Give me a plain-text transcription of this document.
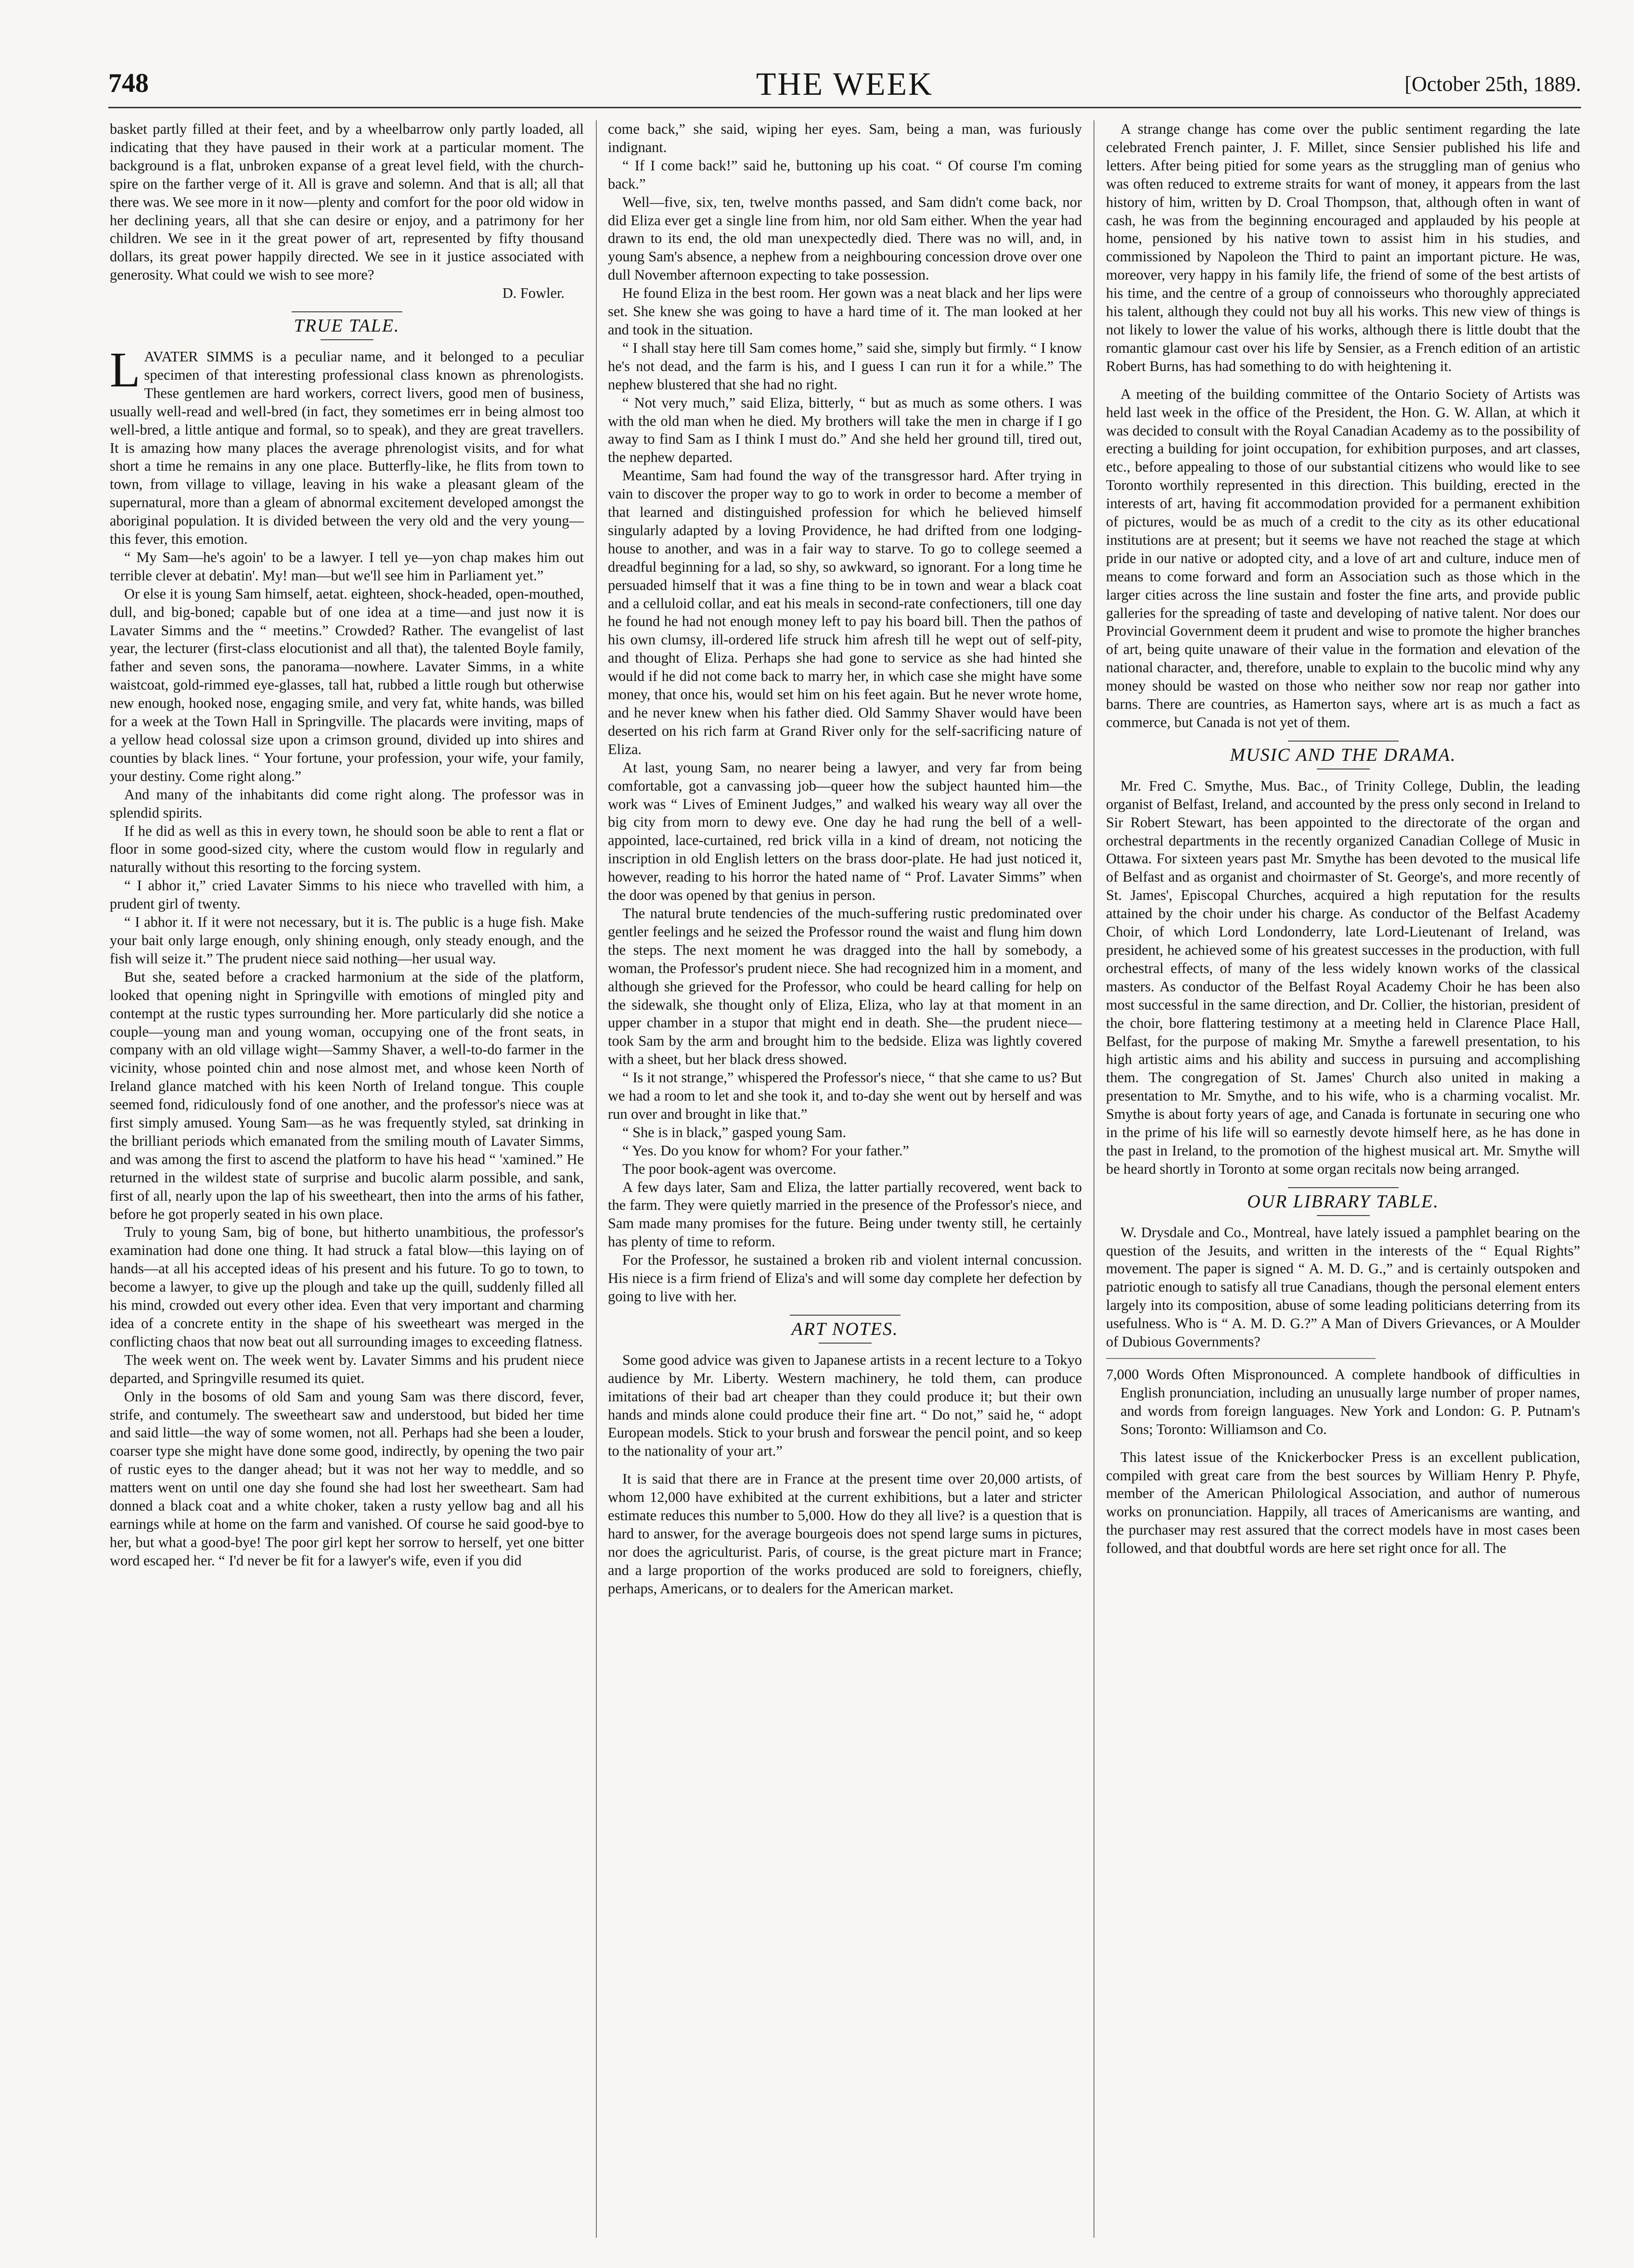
748	THE WEEK	[October 25th, 1889.

basket partly filled at their feet, and by a wheelbarrow only partly loaded, all indicating that they have paused in their work at a particular moment. The background is a flat, unbroken expanse of a great level field, with the church-spire on the farther verge of it. All is grave and solemn. And that is all; all that there was. We see more in it now—plenty and comfort for the poor old widow in her declining years, all that she can desire or enjoy, and a patrimony for her children. We see in it the great power of art, represented by fifty thousand dollars, its great power happily directed. We see in it justice associated with generosity. What could we wish to see more?

D. Fowler.

TRUE TALE.

LAVATER SIMMS is a peculiar name, and it belonged to a peculiar specimen of that interesting professional class known as phrenologists. These gentlemen are hard workers, correct livers, good men of business, usually well-read and well-bred (in fact, they sometimes err in being almost too well-bred, a little antique and formal, so to speak), and they are great travellers. It is amazing how many places the average phrenologist visits, and for what short a time he remains in any one place. Butterfly-like, he flits from town to town, from village to village, leaving in his wake a pleasant gleam of the supernatural, more than a gleam of abnormal excitement developed amongst the aboriginal population. It is divided between the very old and the very young—this fever, this emotion.

“ My Sam—he's agoin' to be a lawyer. I tell ye—yon chap makes him out terrible clever at debatin'. My! man—but we'll see him in Parliament yet.”

Or else it is young Sam himself, aetat. eighteen, shock-headed, open-mouthed, dull, and big-boned; capable but of one idea at a time—and just now it is Lavater Simms and the “ meetins.” Crowded? Rather. The evangelist of last year, the lecturer (first-class elocutionist and all that), the talented Boyle family, father and seven sons, the panorama—nowhere. Lavater Simms, in a white waistcoat, gold-rimmed eye-glasses, tall hat, rubbed a little rough but otherwise new enough, hooked nose, engaging smile, and very fat, white hands, was billed for a week at the Town Hall in Springville. The placards were inviting, maps of a yellow head colossal size upon a crimson ground, divided up into shires and counties by black lines. “ Your fortune, your profession, your wife, your family, your destiny. Come right along.”

And many of the inhabitants did come right along. The professor was in splendid spirits.

If he did as well as this in every town, he should soon be able to rent a flat or floor in some good-sized city, where the custom would flow in regularly and naturally without this resorting to the forcing system.

“ I abhor it,” cried Lavater Simms to his niece who travelled with him, a prudent girl of twenty.

“ I abhor it. If it were not necessary, but it is. The public is a huge fish. Make your bait only large enough, only shining enough, only steady enough, and the fish will seize it.” The prudent niece said nothing—her usual way.

But she, seated before a cracked harmonium at the side of the platform, looked that opening night in Springville with emotions of mingled pity and contempt at the rustic types surrounding her. More particularly did she notice a couple—young man and young woman, occupying one of the front seats, in company with an old village wight—Sammy Shaver, a well-to-do farmer in the vicinity, whose pointed chin and nose almost met, and whose keen North of Ireland glance matched with his keen North of Ireland tongue. This couple seemed fond, ridiculously fond of one another, and the professor's niece was at first simply amused. Young Sam—as he was frequently styled, sat drinking in the brilliant periods which emanated from the smiling mouth of Lavater Simms, and was among the first to ascend the platform to have his head “ 'xamined.” He returned in the wildest state of surprise and bucolic alarm possible, and sank, first of all, nearly upon the lap of his sweetheart, then into the arms of his father, before he got properly seated in his own place.

Truly to young Sam, big of bone, but hitherto unambitious, the professor's examination had done one thing. It had struck a fatal blow—this laying on of hands—at all his accepted ideas of his present and his future. To go to town, to become a lawyer, to give up the plough and take up the quill, suddenly filled all his mind, crowded out every other idea. Even that very important and charming idea of a concrete entity in the shape of his sweetheart was merged in the conflicting chaos that now beat out all surrounding images to exceeding flatness.

The week went on. The week went by. Lavater Simms and his prudent niece departed, and Springville resumed its quiet.

Only in the bosoms of old Sam and young Sam was there discord, fever, strife, and contumely. The sweetheart saw and understood, but bided her time and said little—the way of some women, not all. Perhaps had she been a louder, coarser type she might have done some good, indirectly, by opening the two pair of rustic eyes to the danger ahead; but it was not her way to meddle, and so matters went on until one day she found she had lost her sweetheart. Sam had donned a black coat and a white choker, taken a rusty yellow bag and all his earnings while at home on the farm and vanished. Of course he said good-bye to her, but what a good-bye! The poor girl kept her sorrow to herself, yet one bitter word escaped her. “ I'd never be fit for a lawyer's wife, even if you did

come back,” she said, wiping her eyes. Sam, being a man, was furiously indignant.

“ If I come back!” said he, buttoning up his coat. “ Of course I'm coming back.”

Well—five, six, ten, twelve months passed, and Sam didn't come back, nor did Eliza ever get a single line from him, nor old Sam either. When the year had drawn to its end, the old man unexpectedly died. There was no will, and, in young Sam's absence, a nephew from a neighbouring concession drove over one dull November afternoon expecting to take possession.

He found Eliza in the best room. Her gown was a neat black and her lips were set. She knew she was going to have a hard time of it. The man looked at her and took in the situation.

“ I shall stay here till Sam comes home,” said she, simply but firmly. “ I know he's not dead, and the farm is his, and I guess I can run it for a while.” The nephew blustered that she had no right.

“ Not very much,” said Eliza, bitterly, “ but as much as some others. I was with the old man when he died. My brothers will take the men in charge if I go away to find Sam as I think I must do.” And she held her ground till, tired out, the nephew departed.

Meantime, Sam had found the way of the transgressor hard. After trying in vain to discover the proper way to go to work in order to become a member of that learned and distinguished profession for which he believed himself singularly adapted by a loving Providence, he had drifted from one lodging-house to another, and was in a fair way to starve. To go to college seemed a dreadful beginning for a lad, so shy, so awkward, so ignorant. For a long time he persuaded himself that it was a fine thing to be in town and wear a black coat and a celluloid collar, and eat his meals in second-rate confectioners, till one day he found he had not enough money left to pay his board bill. Then the pathos of his own clumsy, ill-ordered life struck him afresh till he wept out of self-pity, and thought of Eliza. Perhaps she had gone to service as she had hinted she would if he did not come back to marry her, in which case she might have some money, that once his, would set him on his feet again. But he never wrote home, and he never knew when his father died. Old Sammy Shaver would have been deserted on his rich farm at Grand River only for the self-sacrificing nature of Eliza.

At last, young Sam, no nearer being a lawyer, and very far from being comfortable, got a canvassing job—queer how the subject haunted him—the work was “ Lives of Eminent Judges,” and walked his weary way all over the big city from morn to dewy eve. One day he had rung the bell of a well-appointed, lace-curtained, red brick villa in a kind of dream, not noticing the inscription in old English letters on the brass door-plate. He had just noticed it, however, reading to his horror the hated name of “ Prof. Lavater Simms” when the door was opened by that genius in person.

The natural brute tendencies of the much-suffering rustic predominated over gentler feelings and he seized the Professor round the waist and flung him down the steps. The next moment he was dragged into the hall by somebody, a woman, the Professor's prudent niece. She had recognized him in a moment, and although she grieved for the Professor, who could be heard calling for help on the sidewalk, she thought only of Eliza, Eliza, who lay at that moment in an upper chamber in a stupor that might end in death. She—the prudent niece—took Sam by the arm and brought him to the bedside. Eliza was lightly covered with a sheet, but her black dress showed.

“ Is it not strange,” whispered the Professor's niece, “ that she came to us? But we had a room to let and she took it, and to-day she went out by herself and was run over and brought in like that.”

“ She is in black,” gasped young Sam.

“ Yes. Do you know for whom? For your father.”

The poor book-agent was overcome.

A few days later, Sam and Eliza, the latter partially recovered, went back to the farm. They were quietly married in the presence of the Professor's niece, and Sam made many promises for the future. Being under twenty still, he certainly has plenty of time to reform.

For the Professor, he sustained a broken rib and violent internal concussion. His niece is a firm friend of Eliza's and will some day complete her defection by going to live with her.

ART NOTES.

Some good advice was given to Japanese artists in a recent lecture to a Tokyo audience by Mr. Liberty. Western machinery, he told them, can produce imitations of their bad art cheaper than they could produce it; but their own hands and minds alone could produce their fine art. “ Do not,” said he, “ adopt European models. Stick to your brush and forswear the pencil point, and so keep to the nationality of your art.”

It is said that there are in France at the present time over 20,000 artists, of whom 12,000 have exhibited at the current exhibitions, but a later and stricter estimate reduces this number to 5,000. How do they all live? is a question that is hard to answer, for the average bourgeois does not spend large sums in pictures, nor does the agriculturist. Paris, of course, is the great picture mart in France; and a large proportion of the works produced are sold to foreigners, chiefly, perhaps, Americans, or to dealers for the American market.

A strange change has come over the public sentiment regarding the late celebrated French painter, J. F. Millet, since Sensier published his life and letters. After being pitied for some years as the struggling man of genius who was often reduced to extreme straits for want of money, it appears from the last history of him, written by D. Croal Thompson, that, although often in want of cash, he was from the beginning encouraged and applauded by his people at home, pensioned by his native town to assist him in his studies, and commissioned by Napoleon the Third to paint an important picture. He was, moreover, very happy in his family life, the friend of some of the best artists of his time, and the centre of a group of connoisseurs who thoroughly appreciated his talent, although they could not buy all his works. This new view of things is not likely to lower the value of his works, although there is little doubt that the romantic glamour cast over his life by Sensier, as a French edition of an artistic Robert Burns, has had something to do with heightening it.

A meeting of the building committee of the Ontario Society of Artists was held last week in the office of the President, the Hon. G. W. Allan, at which it was decided to consult with the Royal Canadian Academy as to the possibility of erecting a building for joint occupation, for exhibition purposes, and art classes, etc., before appealing to those of our substantial citizens who would like to see Toronto worthily represented in this direction. This building, erected in the interests of art, having fit accommodation provided for a permanent exhibition of pictures, would be as much of a credit to the city as its other educational institutions are at present; but it seems we have not reached the stage at which pride in our native or adopted city, and a love of art and culture, induce men of means to come forward and form an Association such as those which in the larger cities across the line sustain and foster the fine arts, and provide public galleries for the spreading of taste and developing of native talent. Nor does our Provincial Government deem it prudent and wise to promote the higher branches of art, being quite unaware of their value in the formation and elevation of the national character, and, therefore, unable to explain to the bucolic mind why any money should be wasted on those who neither sow nor reap nor gather into barns. There are countries, as Hamerton says, where art is as much a fact as commerce, but Canada is not yet of them.

MUSIC AND THE DRAMA.

Mr. Fred C. Smythe, Mus. Bac., of Trinity College, Dublin, the leading organist of Belfast, Ireland, and accounted by the press only second in Ireland to Sir Robert Stewart, has been appointed to the directorate of the organ and orchestral departments in the recently organized Canadian College of Music in Ottawa. For sixteen years past Mr. Smythe has been devoted to the musical life of Belfast and as organist and choirmaster of St. George's, and more recently of St. James', Episcopal Churches, acquired a high reputation for the results attained by the choir under his charge. As conductor of the Belfast Academy Choir, of which Lord Londonderry, late Lord-Lieutenant of Ireland, was president, he achieved some of his greatest successes in the production, with full orchestral effects, of many of the less widely known works of the classical masters. As conductor of the Belfast Royal Academy Choir he has been also most successful in the same direction, and Dr. Collier, the historian, president of the choir, bore flattering testimony at a meeting held in Clarence Place Hall, Belfast, for the purpose of making Mr. Smythe a farewell presentation, to his high artistic aims and his ability and success in pursuing and accomplishing them. The congregation of St. James' Church also united in making a presentation to Mr. Smythe, and to his wife, who is a charming vocalist. Mr. Smythe is about forty years of age, and Canada is fortunate in securing one who in the prime of his life will so earnestly devote himself here, as he has done in the past in Ireland, to the promotion of the highest musical art. Mr. Smythe will be heard shortly in Toronto at some organ recitals now being arranged.

OUR LIBRARY TABLE.

W. Drysdale and Co., Montreal, have lately issued a pamphlet bearing on the question of the Jesuits, and written in the interests of the “ Equal Rights” movement. The paper is signed “ A. M. D. G.,” and is certainly outspoken and patriotic enough to satisfy all true Canadians, though the personal element enters largely into its composition, abuse of some leading politicians deterring from its usefulness. Who is “ A. M. D. G.?” A Man of Divers Grievances, or A Moulder of Dubious Governments?

7,000 Words Often Mispronounced. A complete handbook of difficulties in English pronunciation, including an unusually large number of proper names, and words from foreign languages. New York and London: G. P. Putnam's Sons; Toronto: Williamson and Co.

This latest issue of the Knickerbocker Press is an excellent publication, compiled with great care from the best sources by William Henry P. Phyfe, member of the American Philological Association, and author of numerous works on pronunciation. Happily, all traces of Americanisms are wanting, and the purchaser may rest assured that the correct models have in most cases been followed, and that doubtful words are here set right once for all. The
